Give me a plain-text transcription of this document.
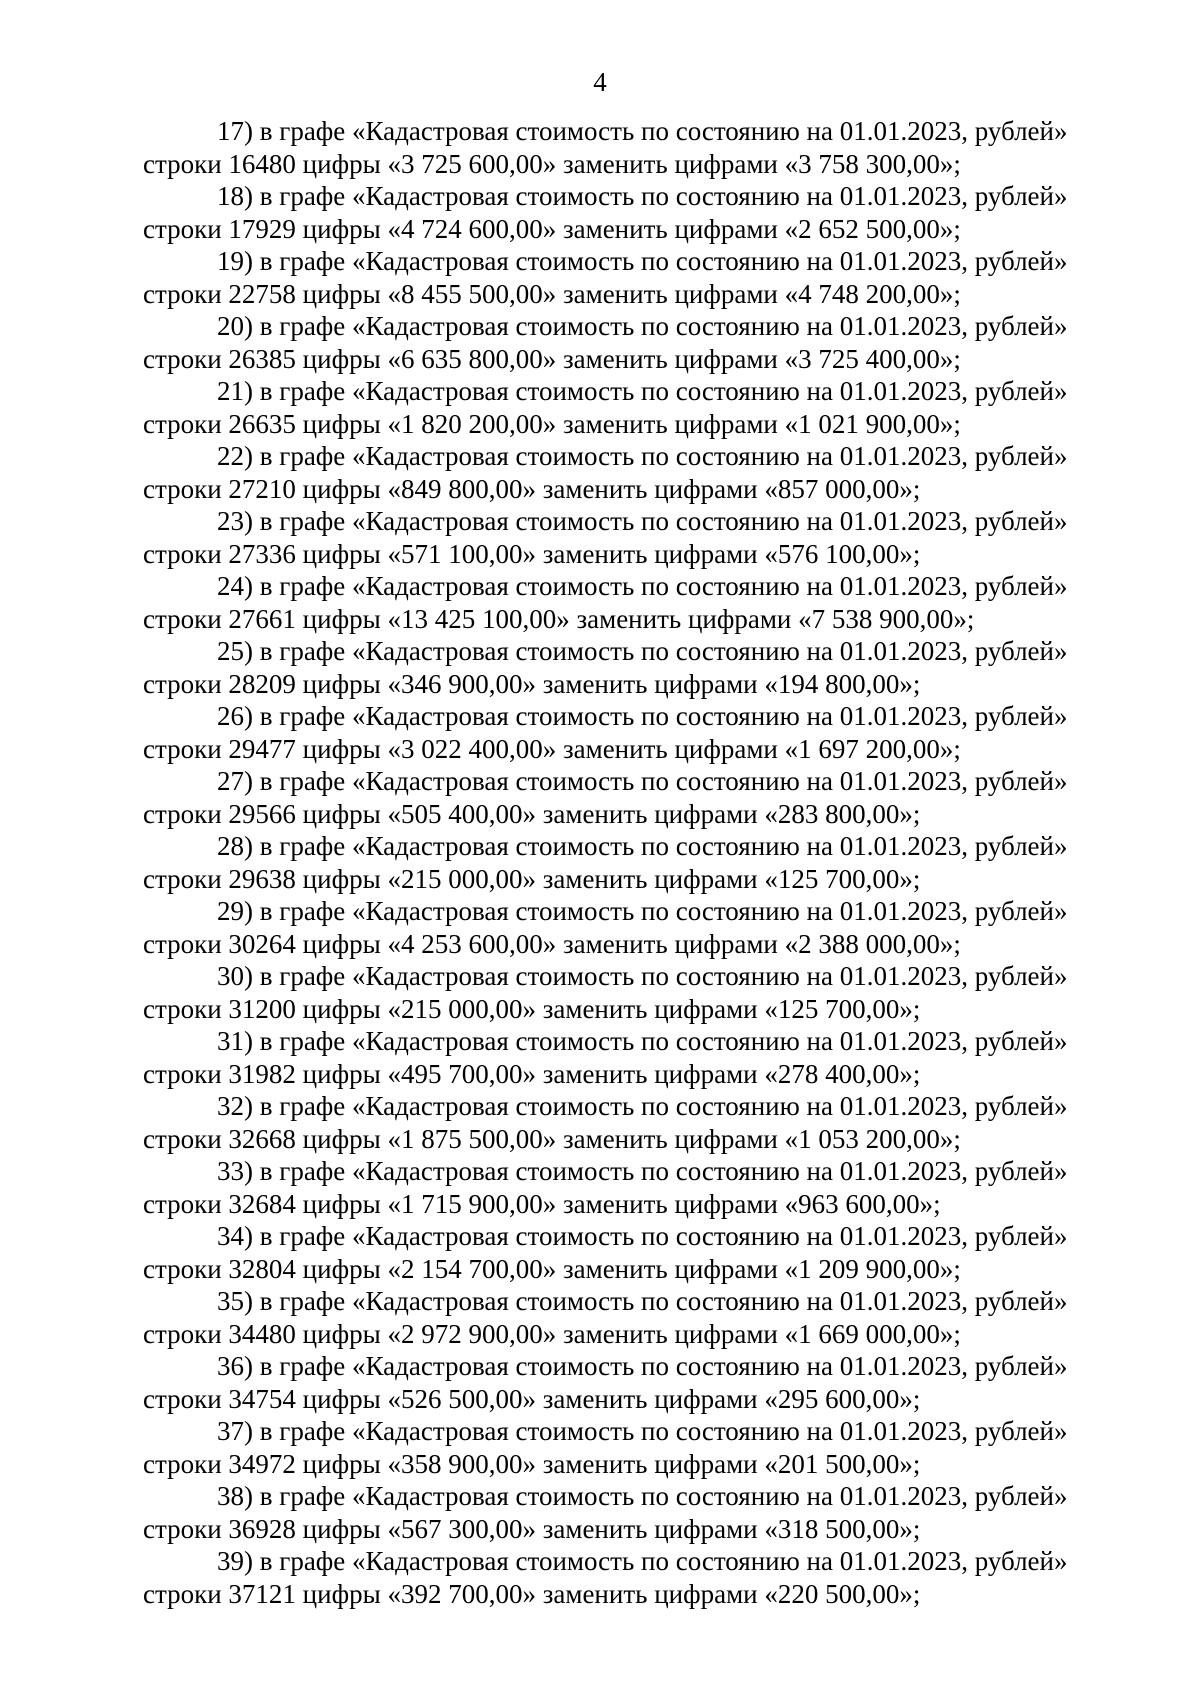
4

17) в графе «Кадастровая стоимость по состоянию на 01.01.2023, рублей»
строки 16480 цифры «3 725 600,00» заменить цифрами «3 758 300,00»;

18) в графе «Кадастровая стоимость по состоянию на 01.01.2023, рублей»
строки 17929 цифры «4 724 600,00» заменить цифрами «2 652 500,00»;

19) в графе «Кадастровая стоимость по состоянию на 01.01.2023, рублей»
строки 22758 цифры «8 455 500,00» заменить цифрами «4 748 200,00»;

20) в графе «Кадастровая стоимость по состоянию на 01.01.2023, рублей»
строки 26385 цифры «6 635 800,00» заменить цифрами «3 725 400,00»;

21) в графе «Кадастровая стоимость по состоянию на 01.01.2023, рублей»
строки 26635 цифры «1 820 200,00» заменить цифрами «1 021 900,00»;

22) в графе «Кадастровая стоимость по состоянию на 01.01.2023, рублей»
строки 27210 цифры «849 800,00» заменить цифрами «857 000,00»;

23) в графе «Кадастровая стоимость по состоянию на 01.01.2023, рублей»
строки 27336 цифры «571 100,00» заменить цифрами «576 100,00»;

24) в графе «Кадастровая стоимость по состоянию на 01.01.2023, рублей»
строки 27661 цифры «13 425 100,00» заменить цифрами «7 538 900,00»;

25) в графе «Кадастровая стоимость по состоянию на 01.01.2023, рублей»
строки 28209 цифры «346 900,00» заменить цифрами «194 800,00»;

26) в графе «Кадастровая стоимость по состоянию на 01.01.2023, рублей»
строки 29477 цифры «3 022 400,00» заменить цифрами «1 697 200,00»;

27) в графе «Кадастровая стоимость по состоянию на 01.01.2023, рублей»
строки 29566 цифры «505 400,00» заменить цифрами «283 800,00»;

28) в графе «Кадастровая стоимость по состоянию на 01.01.2023, рублей»
строки 29638 цифры «215 000,00» заменить цифрами «125 700,00»;

29) в графе «Кадастровая стоимость по состоянию на 01.01.2023, рублей»
строки 30264 цифры «4 253 600,00» заменить цифрами «2 388 000,00»;

30) в графе «Кадастровая стоимость по состоянию на 01.01.2023, рублей»
строки 31200 цифры «215 000,00» заменить цифрами «125 700,00»;

31) в графе «Кадастровая стоимость по состоянию на 01.01.2023, рублей»
строки 31982 цифры «495 700,00» заменить цифрами «278 400,00»;

32) в графе «Кадастровая стоимость по состоянию на 01.01.2023, рублей»
строки 32668 цифры «1 875 500,00» заменить цифрами «1 053 200,00»;

33) в графе «Кадастровая стоимость по состоянию на 01.01.2023, рублей»
строки 32684 цифры «1 715 900,00» заменить цифрами «963 600,00»;

34) в графе «Кадастровая стоимость по состоянию на 01.01.2023, рублей»
строки 32804 цифры «2 154 700,00» заменить цифрами «1 209 900,00»;

35) в графе «Кадастровая стоимость по состоянию на 01.01.2023, рублей»
строки 34480 цифры «2 972 900,00» заменить цифрами «1 669 000,00»;

36) в графе «Кадастровая стоимость по состоянию на 01.01.2023, рублей»
строки 34754 цифры «526 500,00» заменить цифрами «295 600,00»;

37) в графе «Кадастровая стоимость по состоянию на 01.01.2023, рублей»
строки 34972 цифры «358 900,00» заменить цифрами «201 500,00»;

38) в графе «Кадастровая стоимость по состоянию на 01.01.2023, рублей»
строки 36928 цифры «567 300,00» заменить цифрами «318 500,00»;

39) в графе «Кадастровая стоимость по состоянию на 01.01.2023, рублей»
строки 37121 цифры «392 700,00» заменить цифрами «220 500,00»;
